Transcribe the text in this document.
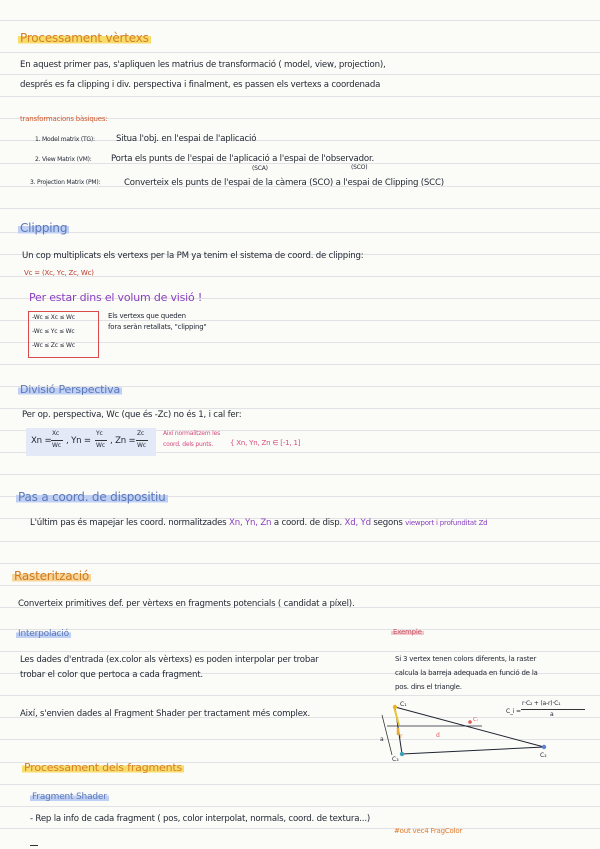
Processament vèrtexs
En aquest primer pas, s'apliquen les matrius de transformació ( model, view, projection),
després es fa clipping i div. perspectiva i finalment, es passen els vertexs a coordenada
transformacions bàsiques:
1. Model matrix (TG): Situa l'obj. en l'espai de l'aplicació
2. View Matrix (VM): Porta els punts de l'espai de l'aplicació a l'espai de l'observador.
(SCA)	(SCO)
3. Projection Matrix (PM):	Converteix els punts de l'espai de la càmera (SCO) a l'espai de Clipping (SCC)
Clipping
Un cop multiplicats els vertexs per la PM ya tenim el sistema de coord. de clipping:
Vc = (Xc, Yc, Zc, Wc)
Per estar dins el volum de visió !
-Wc ≤ Xc ≤ Wc
-Wc ≤ Yc ≤ Wc
-Wc ≤ Zc ≤ Wc
Els vertexs que queden
fora seràn retallats, "clipping"
Divisió Perspectiva
Per op. perspectiva, Wc (que és -Zc) no és 1, i cal fer:
Xn =
Xc
Wc , Yn =
Yc
Wc , Zn =
Zc
Wc
Així normalitzem les
coord. dels punts. { Xn, Yn, Zn ∈ [-1, 1]
Pas a coord. de dispositiu
L'últim pas és mapejar les coord. normalitzades Xn, Yn, Zn a coord. de disp. Xd, Yd segons viewport i profunditat Zd
Rasterització
Converteix primitives def. per vèrtexs en fragments potencials ( candidat a píxel).
Interpolació	Exemple
Les dades d'entrada (ex.color als vèrtexs) es poden interpolar per trobar
trobar el color que pertoca a cada fragment.
Així, s'envien dades al Fragment Shader per tractament més complex.
Si 3 vertex tenen colors diferents, la raster
calcula la barreja adequada en funció de la
pos. dins el triangle.
C₁
C₂
C₃
a	r
Cᵢ
d
C_i =
r·C₂ + (a-r)·C₁
a
Processament dels fragments
Fragment Shader
- Rep la info de cada fragment ( pos, color interpolat, normals, coord. de textura...)
#out vec4 FragColor
